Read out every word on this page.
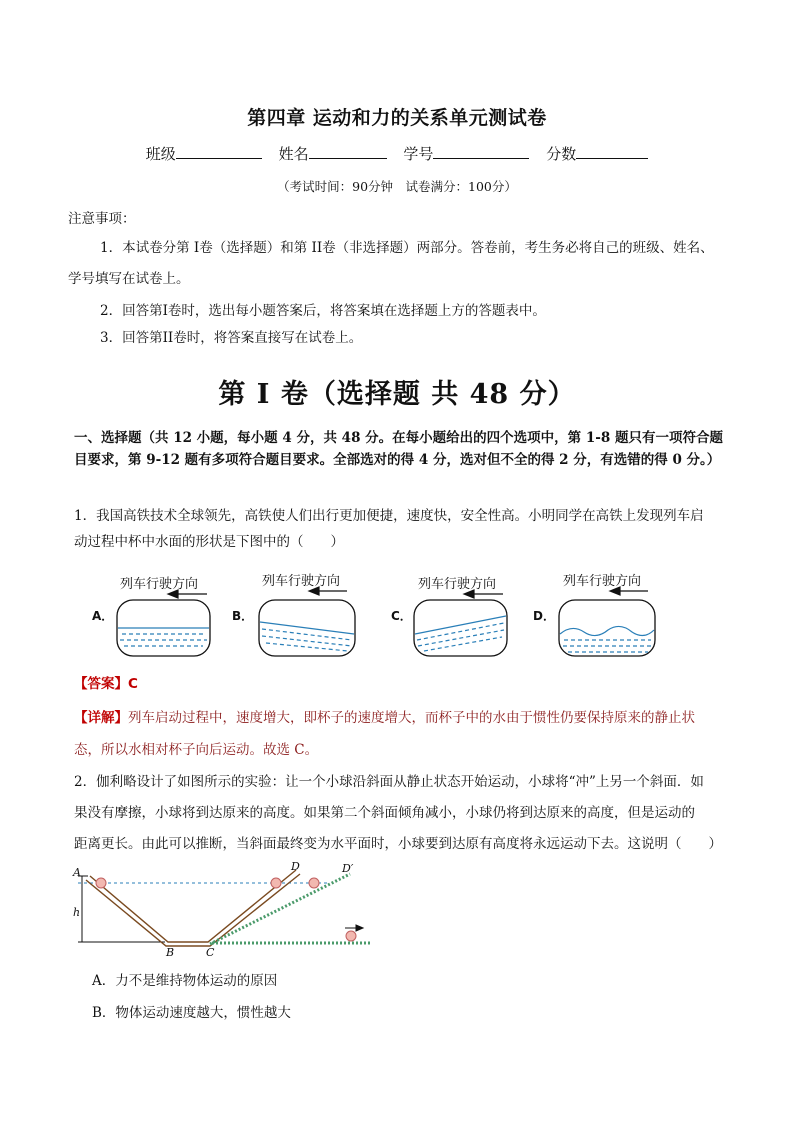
第四章 运动和力的关系单元测试卷
班级	姓名	学号	分数
（考试时间：90分钟　试卷满分：100分）
注意事项：
1．本试卷分第 I卷（选择题）和第 II卷（非选择题）两部分。答卷前，考生务必将自己的班级、姓名、
学号填写在试卷上。
2．回答第I卷时，选出每小题答案后，将答案填在选择题上方的答题表中。
3．回答第II卷时，将答案直接写在试卷上。
第 I 卷（选择题 共 48 分）
一、选择题（共 12 小题，每小题 4 分，共 48 分。在每小题给出的四个选项中，第 1-8 题只有一项符合题
目要求，第 9-12 题有多项符合题目要求。全部选对的得 4 分，选对但不全的得 2 分，有选错的得 0 分。）
1．我国高铁技术全球领先，高铁使人们出行更加便捷，速度快，安全性高。小明同学在高铁上发现列车启
动过程中杯中水面的形状是下图中的（　　）
A．	B．	C．	D．
列车行驶方向	列车行驶方向	列车行驶方向	列车行驶方向
【答案】C
【详解】列车启动过程中，速度增大，即杯子的速度增大，而杯子中的水由于惯性仍要保持原来的静止状
态，所以水相对杯子向后运动。故选 C。
2．伽利略设计了如图所示的实验：让一个小球沿斜面从静止状态开始运动，小球将“冲”上另一个斜面．如
果没有摩擦，小球将到达原来的高度。如果第二个斜面倾角减小，小球仍将到达原来的高度，但是运动的
距离更长。由此可以推断，当斜面最终变为水平面时，小球要到达原有高度将永远运动下去。这说明（　　）
A
B	C
D	D′
h
A．力不是维持物体运动的原因
B．物体运动速度越大，惯性越大
